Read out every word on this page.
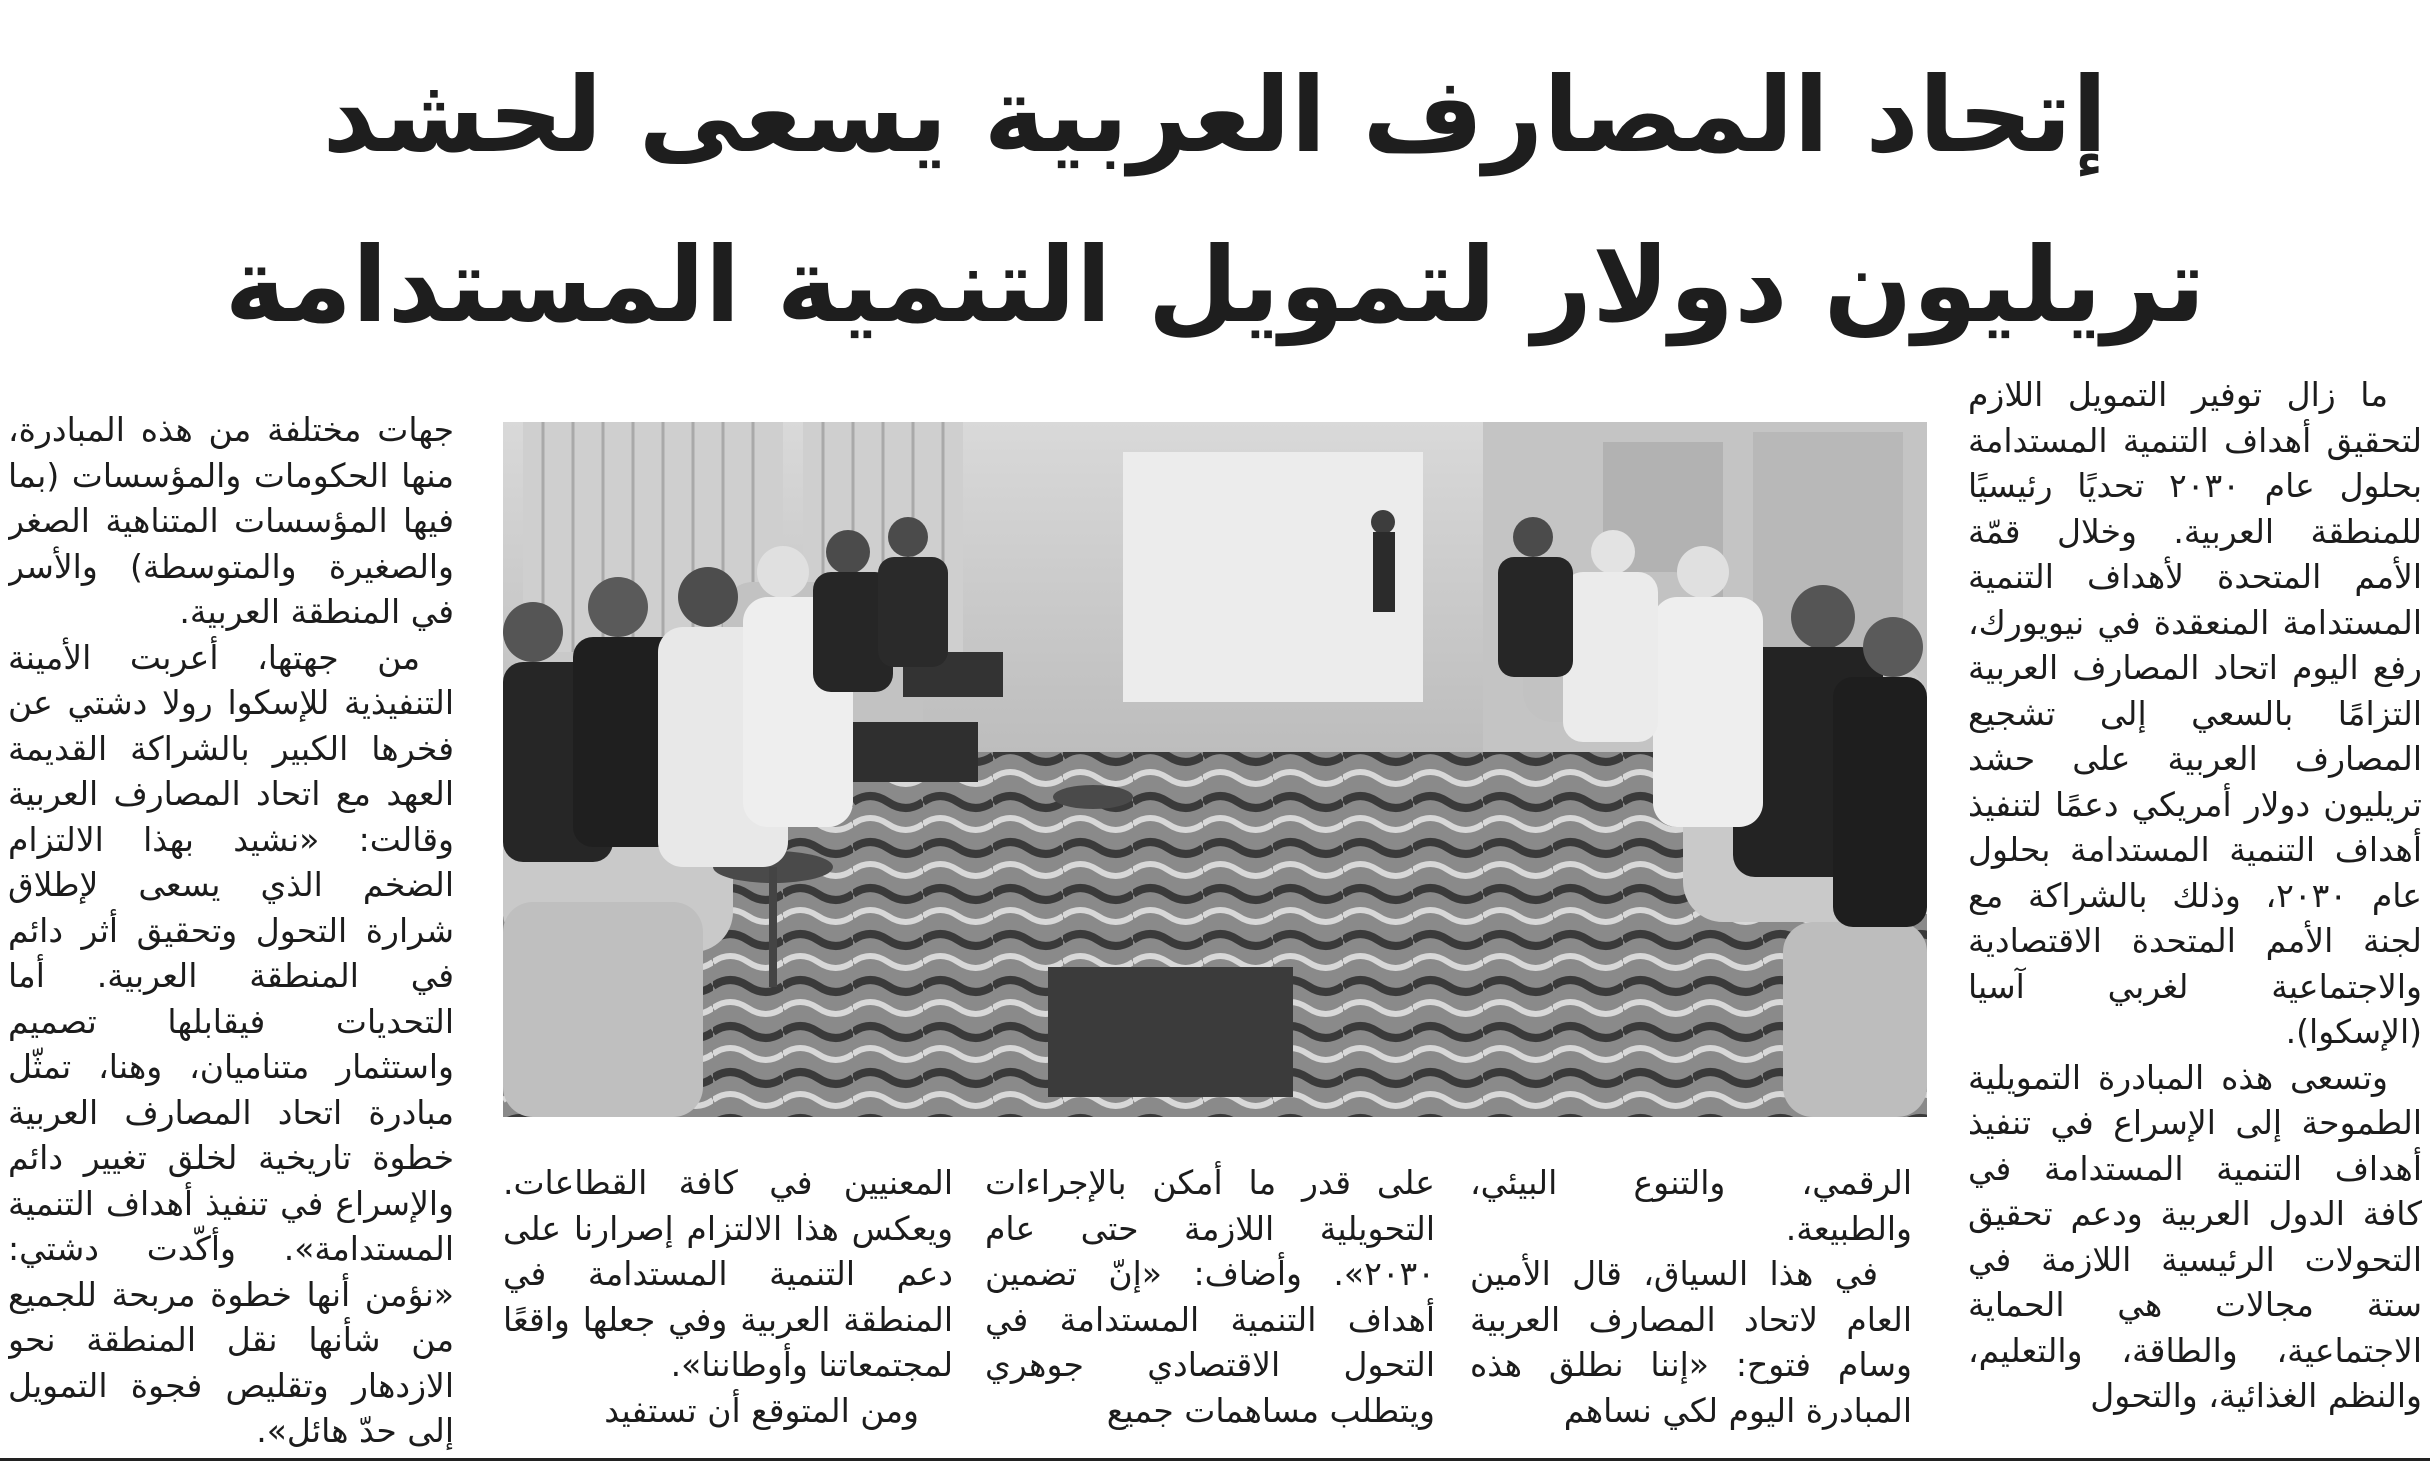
إتحاد المصارف العربية يسعى لحشد
تريليون دولار لتمويل التنمية المستدامة

ما زال توفير التمويل اللازم لتحقيق أهداف التنمية المستدامة بحلول عام ٢٠٣٠ تحديًا رئيسيًا للمنطقة العربية. وخلال قمّة الأمم المتحدة لأهداف التنمية المستدامة المنعقدة في نيويورك، رفع اليوم اتحاد المصارف العربية التزامًا بالسعي إلى تشجيع المصارف العربية على حشد تريليون دولار أمريكي دعمًا لتنفيذ أهداف التنمية المستدامة بحلول عام ٢٠٣٠، وذلك بالشراكة مع لجنة الأمم المتحدة الاقتصادية والاجتماعية لغربي آسيا (الإسكوا).

وتسعى هذه المبادرة التمويلية الطموحة إلى الإسراع في تنفيذ أهداف التنمية المستدامة في كافة الدول العربية ودعم تحقيق التحولات الرئيسية اللازمة في ستة مجالات هي الحماية الاجتماعية، والطاقة، والتعليم، والنظم الغذائية، والتحول

الرقمي، والتنوع البيئي، والطبيعة.

في هذا السياق، قال الأمين العام لاتحاد المصارف العربية وسام فتوح: «إننا نطلق هذه المبادرة اليوم لكي نساهم

على قدر ما أمكن بالإجراءات التحويلية اللازمة حتى عام ٢٠٣٠». وأضاف: «إنّ تضمين أهداف التنمية المستدامة في التحول الاقتصادي جوهري ويتطلب مساهمات جميع

المعنيين في كافة القطاعات. ويعكس هذا الالتزام إصرارنا على دعم التنمية المستدامة في المنطقة العربية وفي جعلها واقعًا لمجتمعاتنا وأوطاننا».

ومن المتوقع أن تستفيد

جهات مختلفة من هذه المبادرة، منها الحكومات والمؤسسات (بما فيها المؤسسات المتناهية الصغر والصغيرة والمتوسطة) والأسر في المنطقة العربية.

من جهتها، أعربت الأمينة التنفيذية للإسكوا رولا دشتي عن فخرها الكبير بالشراكة القديمة العهد مع اتحاد المصارف العربية وقالت: «نشيد بهذا الالتزام الضخم الذي يسعى لإطلاق شرارة التحول وتحقيق أثر دائم في المنطقة العربية. أما التحديات فيقابلها تصميم واستثمار متناميان، وهنا، تمثّل مبادرة اتحاد المصارف العربية خطوة تاريخية لخلق تغيير دائم والإسراع في تنفيذ أهداف التنمية المستدامة». وأكّدت دشتي: «نؤمن أنها خطوة مربحة للجميع من شأنها نقل المنطقة نحو الازدهار وتقليص فجوة التمويل إلى حدّ هائل».
